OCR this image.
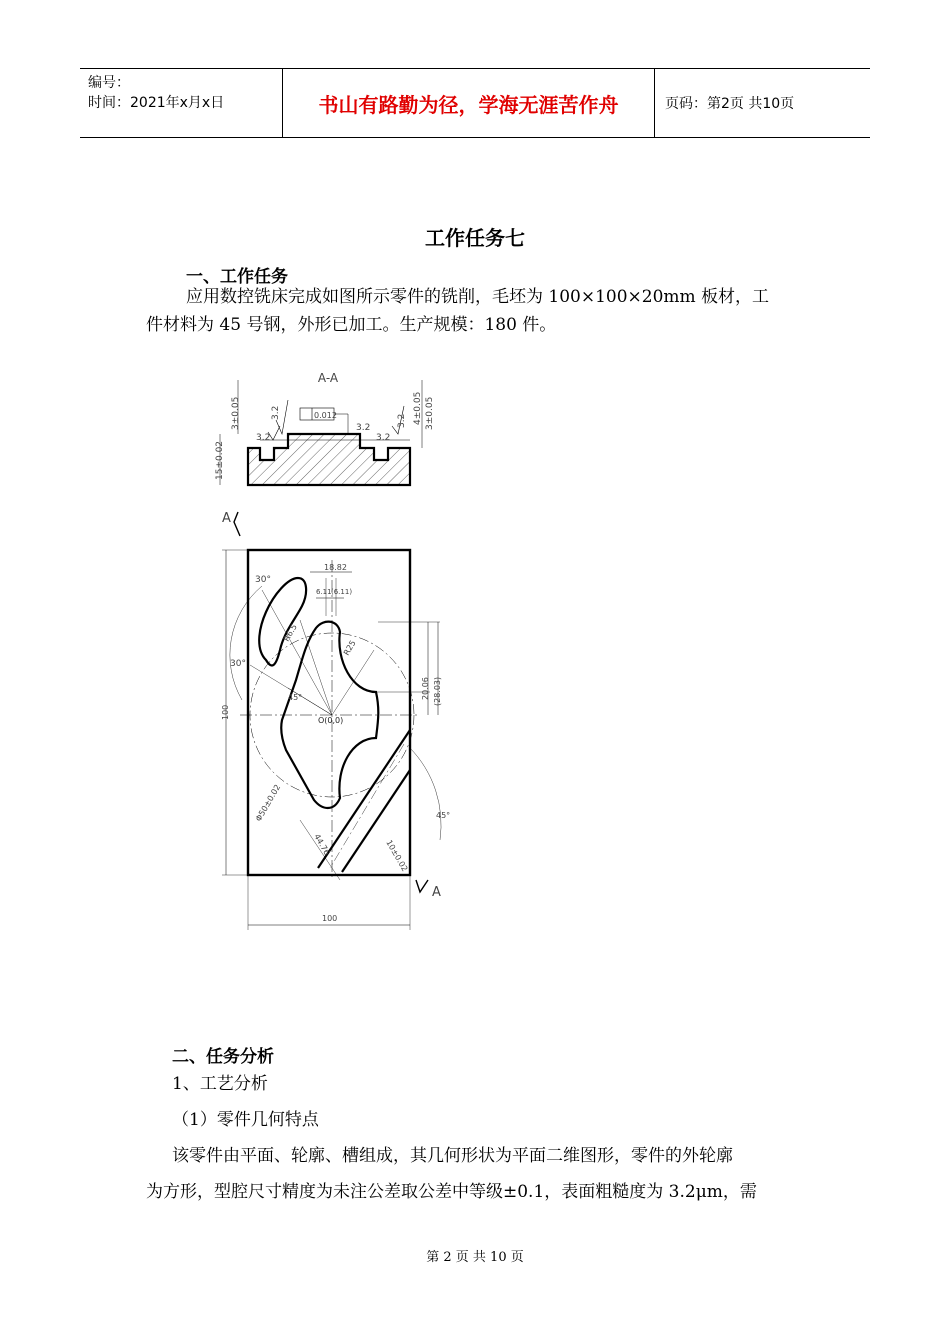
编号：
时间：2021年x月x日	书山有路勤为径，学海无涯苦作舟	页码：第2页 共10页
工作任务七
一、工作任务
应用数控铣床完成如图所示零件的铣削，毛坯为 100×100×20mm 板材，工
件材料为 45 号钢，外形已加工。生产规模：180 件。
A-A
15±0.02
3±0.05	4±0.05 3±0.05
3.2
3.2	0.012
3.2
3.2
3.2
A
A
18.82
6.11 (6.11)
30°
30°
R6.5
R25
45°
O(0,0)
20.06 (28.03)
Φ50±0.02
44.76	10±0.02
45°
100
100
二、任务分析
1、工艺分析
（1）零件几何特点
该零件由平面、轮廓、槽组成，其几何形状为平面二维图形，零件的外轮廓
为方形，型腔尺寸精度为未注公差取公差中等级±0.1，表面粗糙度为 3.2μm，需
第 2 页 共 10 页
